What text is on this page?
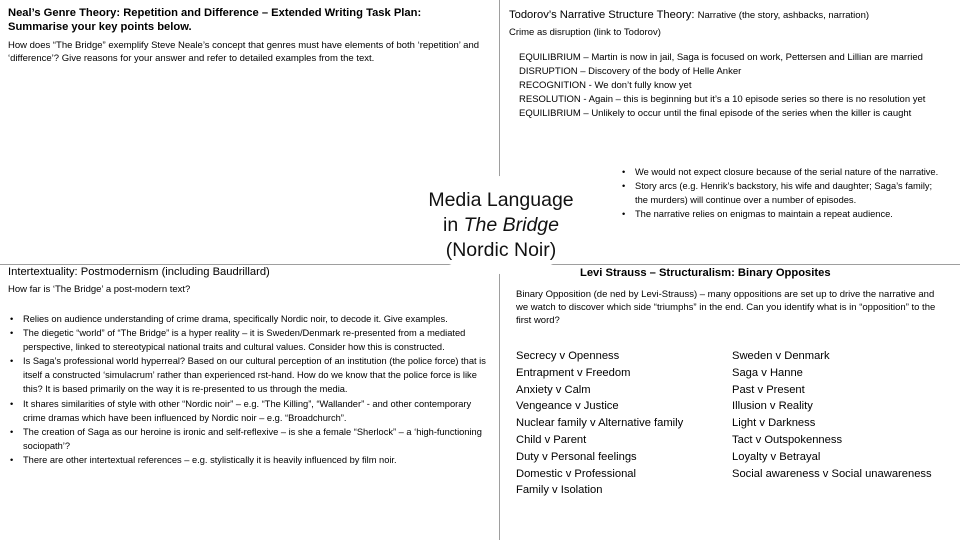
Neal’s Genre Theory: Repetition and Difference – Extended Writing Task Plan: Summarise your key points below.
How does “The Bridge” exemplify Steve Neale’s concept that genres must have elements of both ‘repetition’ and ‘difference’? Give reasons for your answer and refer to detailed examples from the text.
Todorov’s Narrative Structure Theory: Narrative (the story, ashbacks, narration)
Crime as disruption (link to Todorov)
EQUILIBRIUM – Martin is now in jail, Saga is focused on work, Pettersen and Lillian are married
DISRUPTION – Discovery of the body of Helle Anker
RECOGNITION - We don’t fully know yet
RESOLUTION - Again – this is beginning but it’s a 10 episode series so there is no resolution yet
EQUILIBRIUM – Unlikely to occur until the final episode of the series when the killer is caught
• We would not expect closure because of the serial nature of the narrative.
• Story arcs (e.g. Henrik’s backstory, his wife and daughter; Saga’s family; the murders) will continue over a number of episodes.
• The narrative relies on enigmas to maintain a repeat audience.
Media Language
in The Bridge
(Nordic Noir)
Intertextuality: Postmodernism (including Baudrillard)
How far is ‘The Bridge’ a post-modern text?
• Relies on audience understanding of crime drama, specifically Nordic noir, to decode it. Give examples.
• The diegetic “world” of “The Bridge” is a hyper reality – it is Sweden/Denmark re-presented from a mediated perspective, linked to stereotypical national traits and cultural values. Consider how this is constructed.
• Is Saga’s professional world hyperreal? Based on our cultural perception of an institution (the police force) that is itself a constructed ‘simulacrum’ rather than experienced rst-hand. How do we know that the police force is like this? It is based primarily on the way it is re-presented to us through the media.
• It shares similarities of style with other “Nordic noir” – e.g. “The Killing”, “Wallander” - and other contemporary crime dramas which have been influenced by Nordic noir – e.g. “Broadchurch”.
• The creation of Saga as our heroine is ironic and self-reflexive – is she a female “Sherlock” – a ‘high-functioning sociopath’?
• There are other intertextual references – e.g. stylistically it is heavily influenced by film noir.
Levi Strauss – Structuralism: Binary Opposites
Binary Opposition (de ned by Levi-Strauss) – many oppositions are set up to drive the narrative and we watch to discover which side “triumphs” in the end. Can you identify what is in “opposition” to the first word?
Secrecy v Openness
Entrapment v Freedom
Anxiety v Calm
Vengeance v Justice
Nuclear family v Alternative family
Child v Parent
Duty v Personal feelings
Domestic v Professional
Family v Isolation
Sweden v Denmark
Saga v Hanne
Past v Present
Illusion v Reality
Light v Darkness
Tact v Outspokenness
Loyalty v Betrayal
Social awareness v Social unawareness
